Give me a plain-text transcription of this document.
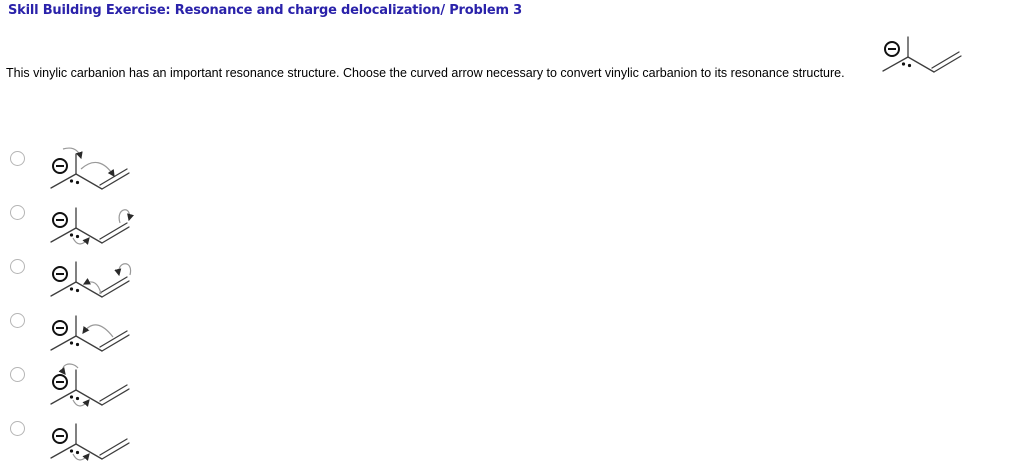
Skill Building Exercise: Resonance and charge delocalization/ Problem 3
This vinylic carbanion has an important resonance structure. Choose the curved arrow necessary to convert vinylic carbanion to its resonance structure.
